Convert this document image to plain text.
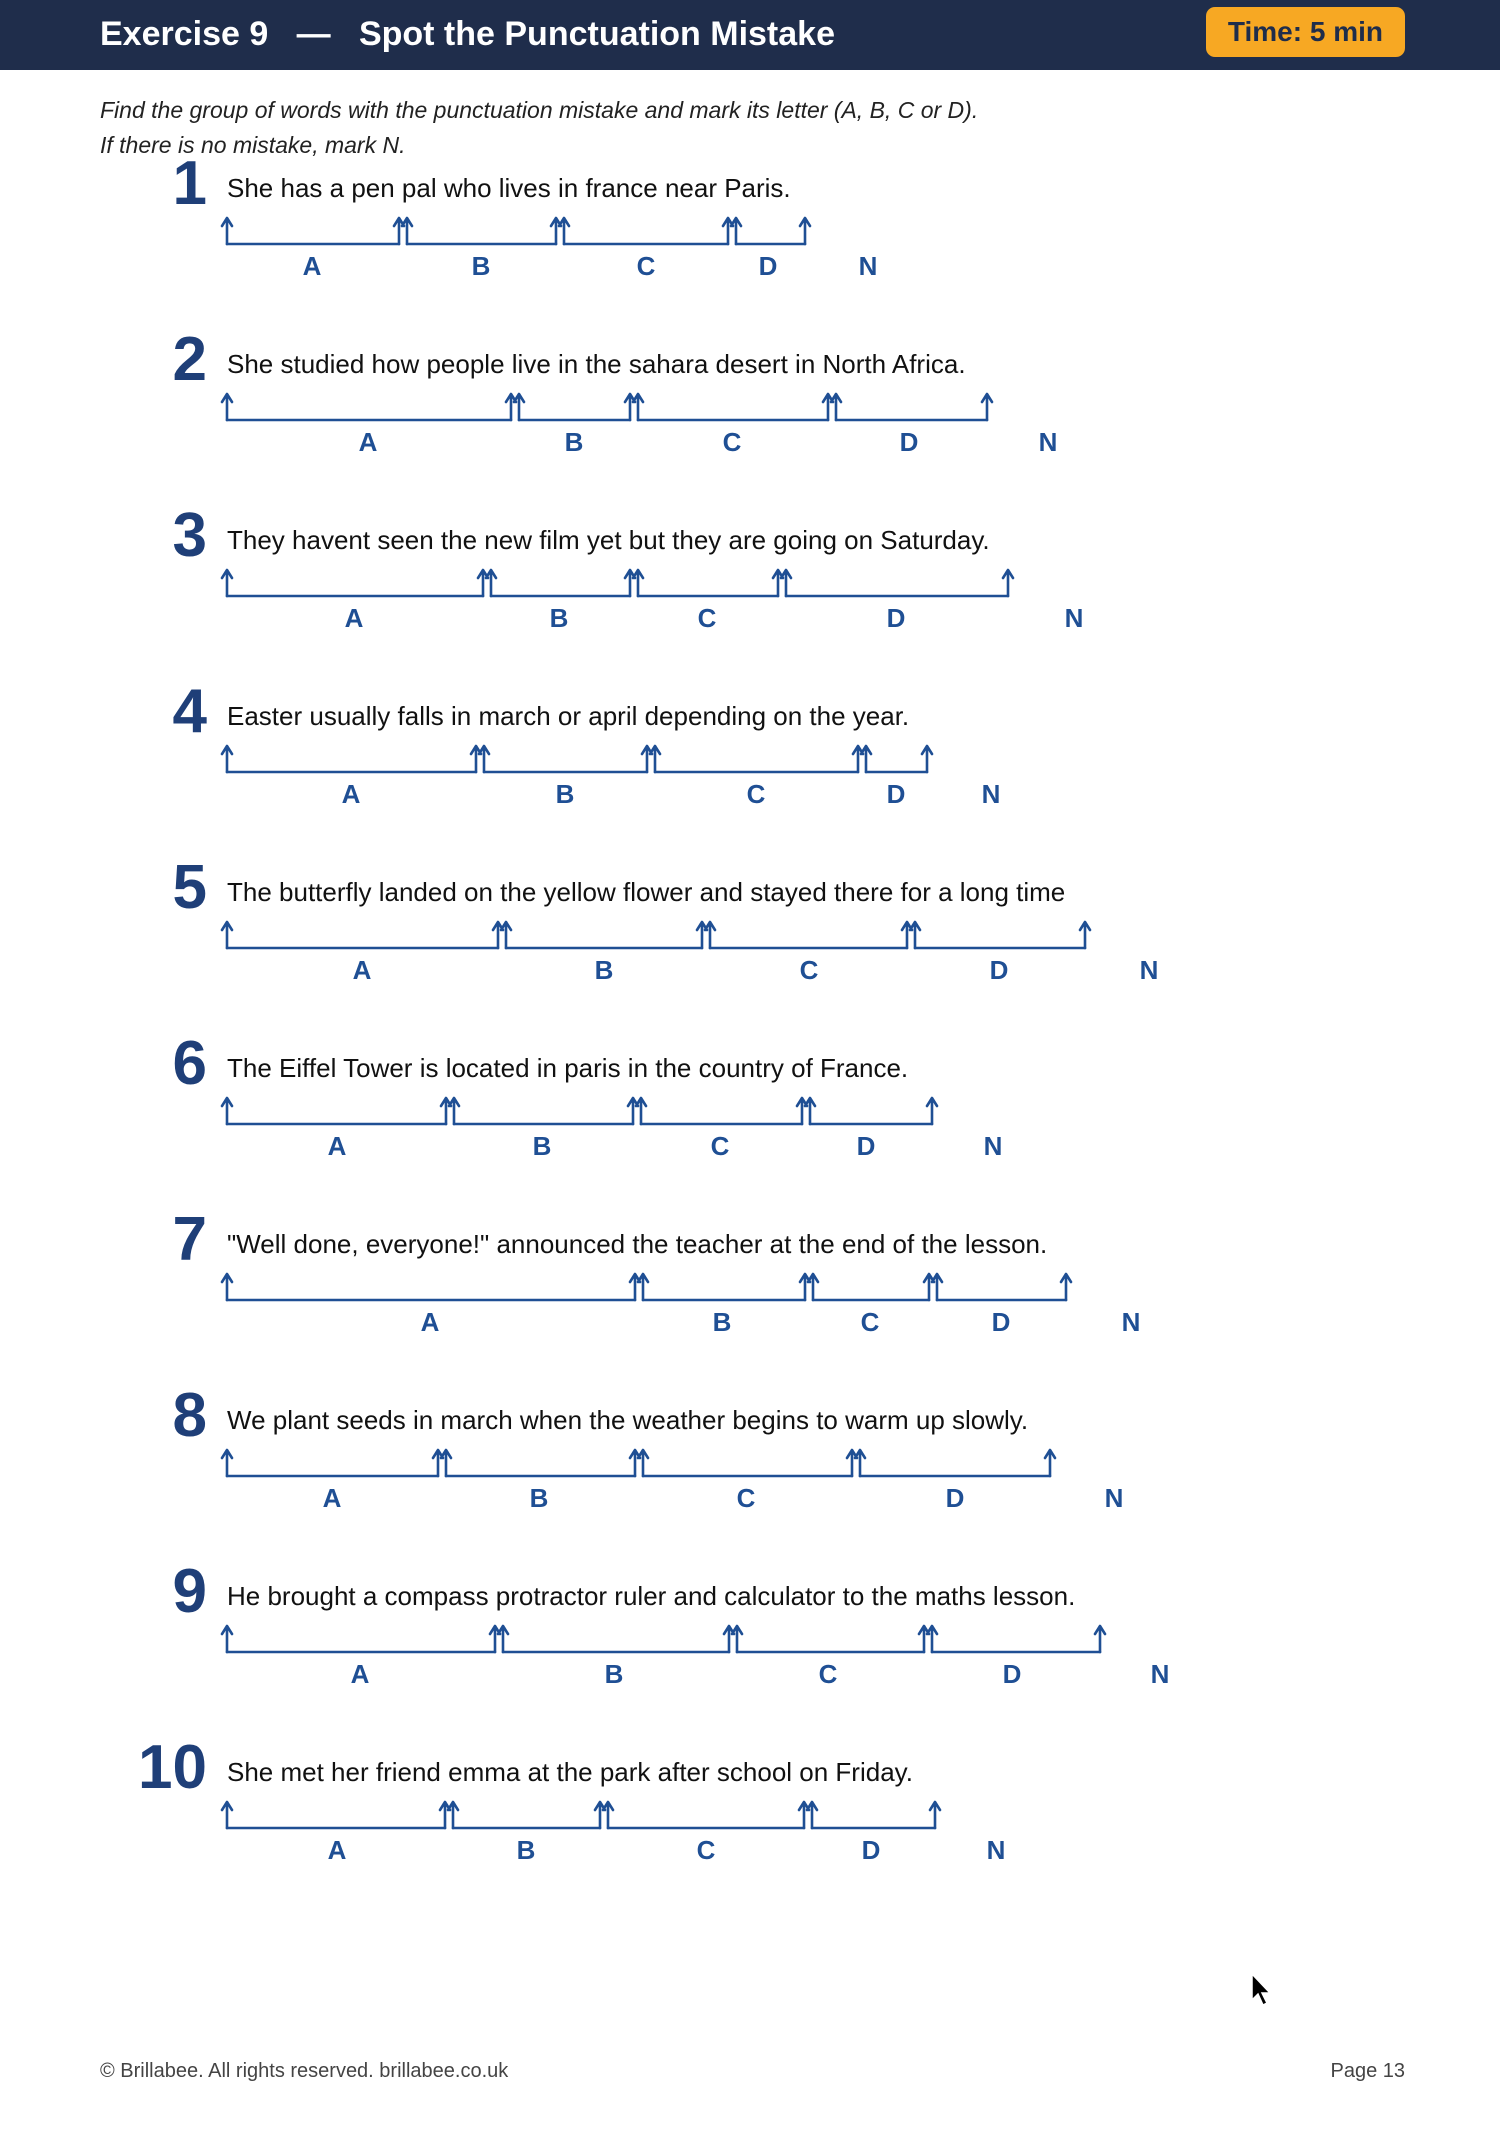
Exercise 9 — Spot the Punctuation Mistake	Time: 5 min
Find the group of words with the punctuation mistake and mark its letter (A, B, C or D).
If there is no mistake, mark N.
1 She has a pen pal who lives in france near Paris.
A	B	C	D	N
2 She studied how people live in the sahara desert in North Africa.
A	B	C	D	N
3 They havent seen the new film yet but they are going on Saturday.
A	B	C	D	N
4 Easter usually falls in march or april depending on the year.
A	B	C	D	N
5 The butterfly landed on the yellow flower and stayed there for a long time
A	B	C	D	N
6 The Eiffel Tower is located in paris in the country of France.
A	B	C	D	N
7 "Well done, everyone!" announced the teacher at the end of the lesson.
A	B	C	D	N
8 We plant seeds in march when the weather begins to warm up slowly.
A	B	C	D	N
9 He brought a compass protractor ruler and calculator to the maths lesson.
A	B	C	D	N
10 She met her friend emma at the park after school on Friday.
A	B	C	D	N
© Brillabee. All rights reserved. brillabee.co.uk	Page 13
